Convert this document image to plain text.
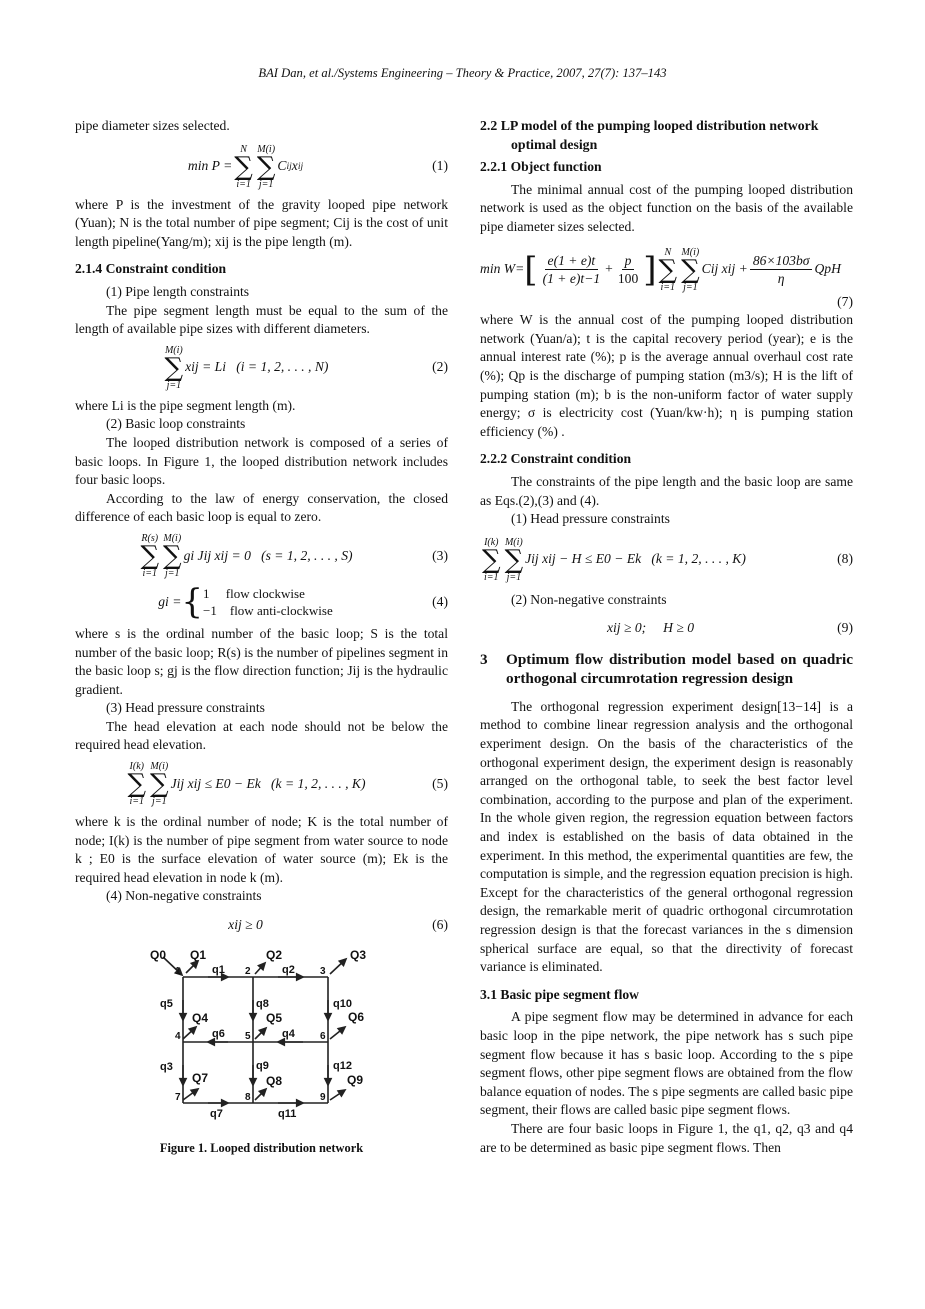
BAI Dan, et al./Systems Engineering – Theory & Practice, 2007, 27(7): 137–143

pipe diameter sizes selected.

min P =
N
∑
i=1
M(i)
∑
j=1
C ij x ij	(1)

where P is the investment of the gravity looped pipe network (Yuan); N is the total number of pipe segment; Cij is the cost of unit length pipeline(Yang/m); xij is the pipe length (m).

2.1.4 Constraint condition

(1) Pipe length constraints

The pipe segment length must be equal to the sum of the length of available pipe sizes with different diameters.

M(i)
∑
j=1
xij = Li   (i = 1, 2, . . . , N)	(2)

where Li is the pipe segment length (m).

(2) Basic loop constraints

The looped distribution network is composed of a series of basic loops. In Figure 1, the looped distribution network includes four basic loops.

According to the law of energy conservation, the closed difference of each basic loop is equal to zero.

R(s)
∑
i=1
M(i)
∑
j=1
gi Jij xij = 0   (s = 1, 2, . . . , S)	(3)
gi = { 1     flow clockwise
−1    flow anti-clockwise
(4)

where s is the ordinal number of the basic loop; S is the total number of the basic loop; R(s) is the number of pipelines segment in the basic loop s; gj is the flow direction function; Jij is the hydraulic gradient.

(3) Head pressure constraints

The head elevation at each node should not be below the required head elevation.

I(k)
∑
i=1
M(i)
∑
j=1
Jij xij ≤ E0 − Ek   (k = 1, 2, . . . , K)	(5)

where k is the ordinal number of node; K is the total number of node; I(k) is the number of pipe segment from water source to node k ; E0 is the surface elevation of water source (m); Ek is the required head elevation in node k (m).

(4) Non-negative constraints

xij ≥ 0	(6)
1	2	3
4	5	6
7	8	9
Q0 Q1	Q2	Q3
Q4	Q5	Q6
Q7	Q8	Q9
q1	q2
q3
q4
q5
q6
q7
q8
q9
q10
q11
q12
Figure 1. Looped distribution network
2.2 LP model of the pumping looped distribution network optimal design
2.2.1 Object function

The minimal annual cost of the pumping looped distribution network is used as the object function on the basis of the available pipe diameter sizes selected.

min W= [ $\frac{e(1 + e)t}{(1 + e)t-1} + \frac{p}{100}$ ] N
∑
i=1
M(i)
∑
j=1
Cij xij + $\frac{86\times 103b\sigma}{\eta}$ QpH
(7)

where W is the annual cost of the pumping looped distribution network (Yuan/a); t is the capital recovery period (year); e is the annual interest rate (%); p is the average annual overhaul cost rate (%); Qp is the discharge of pumping station (m3/s); H is the lift of pumping station (m); b is the non-uniform factor of water supply energy; σ is electricity cost (Yuan/kw·h); η is pumping station efficiency (%) .

2.2.2 Constraint condition

The constraints of the pipe length and the basic loop are same as Eqs.(2),(3) and (4).

(1) Head pressure constraints

I(k)
∑
i=1
M(i)
∑
j=1
Jij xij − H ≤ E0 − Ek   (k = 1, 2, . . . , K)	(8)

(2) Non-negative constraints

xij ≥ 0;     H ≥ 0	(9)
3	Optimum flow distribution model based on quadric orthogonal circumrotation regression design

The orthogonal regression experiment design[13−14] is a method to combine linear regression analysis and the orthogonal experiment design. On the basis of the characteristics of the orthogonal experiment design, the experiment design is reasonably arranged on the orthogonal table, to seek the best factor level combination, according to the purpose and plan of the experiment. In the whole given region, the regression equation between factors and index is established on the basis of data obtained in the experiment. In this method, the experimental quantities are few, the computation is simple, and the regression equation precision is high. Except for the characteristics of the general orthogonal regression design, the remarkable merit of quadric orthogonal circumrotation regression design is that the forecast variances in the s dimension spherical surface are equal, so that the directivity of forecast variance is eliminated.

3.1 Basic pipe segment flow

A pipe segment flow may be determined in advance for each basic loop in the pipe network, the pipe network has s such pipe segment flow because it has s basic loop. According to the s pipe segment flows, other pipe segment flows are obtained from the flow balance equation of nodes. The s pipe segments are called basic pipe segment, their flows are called basic pipe segment flows.

There are four basic loops in Figure 1, the q1, q2, q3 and q4 are to be determined as basic pipe segment flows. Then
